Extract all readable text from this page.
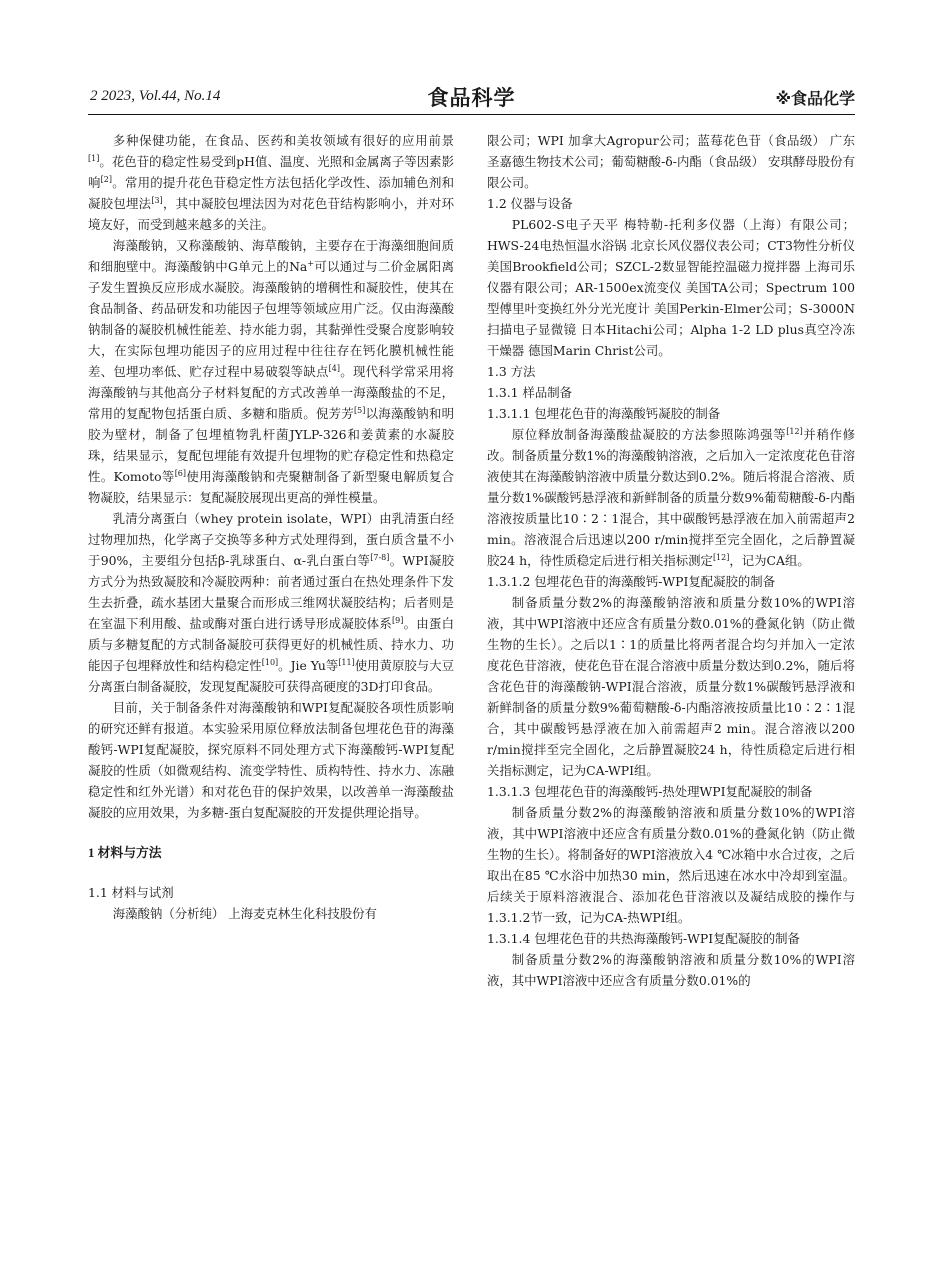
2 2023, Vol.44, No.14	食品科学	※食品化学

多种保健功能，在食品、医药和美妆领域有很好的应用前景[1]。花色苷的稳定性易受到pH值、温度、光照和金属离子等因素影响[2]。常用的提升花色苷稳定性方法包括化学改性、添加辅色剂和凝胶包埋法[3]，其中凝胶包埋法因为对花色苷结构影响小，并对环境友好，而受到越来越多的关注。

海藻酸钠，又称藻酸钠、海草酸钠，主要存在于海藻细胞间质和细胞壁中。海藻酸钠中G单元上的Na+可以通过与二价金属阳离子发生置换反应形成水凝胶。海藻酸钠的增稠性和凝胶性，使其在食品制备、药品研发和功能因子包埋等领域应用广泛。仅由海藻酸钠制备的凝胶机械性能差、持水能力弱，其黏弹性受聚合度影响较大，在实际包埋功能因子的应用过程中往往存在钙化膜机械性能差、包埋功率低、贮存过程中易破裂等缺点[4]。现代科学常采用将海藻酸钠与其他高分子材料复配的方式改善单一海藻酸盐的不足，常用的复配物包括蛋白质、多糖和脂质。倪芳芳[5]以海藻酸钠和明胶为壁材，制备了包埋植物乳杆菌JYLP-326和姜黄素的水凝胶珠，结果显示，复配包埋能有效提升包埋物的贮存稳定性和热稳定性。Komoto等[6]使用海藻酸钠和壳聚糖制备了新型聚电解质复合物凝胶，结果显示：复配凝胶展现出更高的弹性模量。

乳清分离蛋白（whey protein isolate，WPI）由乳清蛋白经过物理加热，化学离子交换等多种方式处理得到，蛋白质含量不小于90%，主要组分包括β-乳球蛋白、α-乳白蛋白等[7-8]。WPI凝胶方式分为热致凝胶和冷凝胶两种：前者通过蛋白在热处理条件下发生去折叠，疏水基团大量聚合而形成三维网状凝胶结构；后者则是在室温下利用酸、盐或酶对蛋白进行诱导形成凝胶体系[9]。由蛋白质与多糖复配的方式制备凝胶可获得更好的机械性质、持水力、功能因子包埋释放性和结构稳定性[10]。Jie Yu等[11]使用黄原胶与大豆分离蛋白制备凝胶，发现复配凝胶可获得高硬度的3D打印食品。

目前，关于制备条件对海藻酸钠和WPI复配凝胶各项性质影响的研究还鲜有报道。本实验采用原位释放法制备包埋花色苷的海藻酸钙-WPI复配凝胶，探究原料不同处理方式下海藻酸钙-WPI复配凝胶的性质（如微观结构、流变学特性、质构特性、持水力、冻融稳定性和红外光谱）和对花色苷的保护效果，以改善单一海藻酸盐凝胶的应用效果，为多糖-蛋白复配凝胶的开发提供理论指导。

1 材料与方法
1.1 材料与试剂

海藻酸钠（分析纯） 上海麦克林生化科技股份有

限公司；WPI 加拿大Agropur公司；蓝莓花色苷（食品级） 广东圣嘉德生物技术公司；葡萄糖酸-δ-内酯（食品级） 安琪酵母股份有限公司。

1.2 仪器与设备

PL602-S电子天平 梅特勒-托利多仪器（上海）有限公司；HWS-24电热恒温水浴锅 北京长风仪器仪表公司；CT3物性分析仪 美国Brookfield公司；SZCL-2数显智能控温磁力搅拌器 上海司乐仪器有限公司；AR-1500ex流变仪 美国TA公司；Spectrum 100型傅里叶变换红外分光光度计 美国Perkin-Elmer公司；S-3000N扫描电子显微镜 日本Hitachi公司；Alpha 1-2 LD plus真空冷冻干燥器 德国Marin Christ公司。

1.3 方法
1.3.1 样品制备
1.3.1.1 包埋花色苷的海藻酸钙凝胶的制备

原位释放制备海藻酸盐凝胶的方法参照陈鸿强等[12]并稍作修改。制备质量分数1%的海藻酸钠溶液，之后加入一定浓度花色苷溶液使其在海藻酸钠溶液中质量分数达到0.2%。随后将混合溶液、质量分数1%碳酸钙悬浮液和新鲜制备的质量分数9%葡萄糖酸-δ-内酯溶液按质量比10∶2∶1混合，其中碳酸钙悬浮液在加入前需超声2 min。溶液混合后迅速以200 r/min搅拌至完全固化，之后静置凝胶24 h，待性质稳定后进行相关指标测定[12]，记为CA组。

1.3.1.2 包埋花色苷的海藻酸钙-WPI复配凝胶的制备

制备质量分数2%的海藻酸钠溶液和质量分数10%的WPI溶液，其中WPI溶液中还应含有质量分数0.01%的叠氮化钠（防止微生物的生长）。之后以1∶1的质量比将两者混合均匀并加入一定浓度花色苷溶液，使花色苷在混合溶液中质量分数达到0.2%，随后将含花色苷的海藻酸钠-WPI混合溶液，质量分数1%碳酸钙悬浮液和新鲜制备的质量分数9%葡萄糖酸-δ-内酯溶液按质量比10∶2∶1混合，其中碳酸钙悬浮液在加入前需超声2 min。混合溶液以200 r/min搅拌至完全固化，之后静置凝胶24 h，待性质稳定后进行相关指标测定，记为CA-WPI组。

1.3.1.3 包埋花色苷的海藻酸钙-热处理WPI复配凝胶的制备

制备质量分数2%的海藻酸钠溶液和质量分数10%的WPI溶液，其中WPI溶液中还应含有质量分数0.01%的叠氮化钠（防止微生物的生长）。将制备好的WPI溶液放入4 ℃冰箱中水合过夜，之后取出在85 ℃水浴中加热30 min，然后迅速在冰水中冷却到室温。后续关于原料溶液混合、添加花色苷溶液以及凝结成胶的操作与1.3.1.2节一致，记为CA-热WPI组。

1.3.1.4 包埋花色苷的共热海藻酸钙-WPI复配凝胶的制备

制备质量分数2%的海藻酸钠溶液和质量分数10%的WPI溶液，其中WPI溶液中还应含有质量分数0.01%的
